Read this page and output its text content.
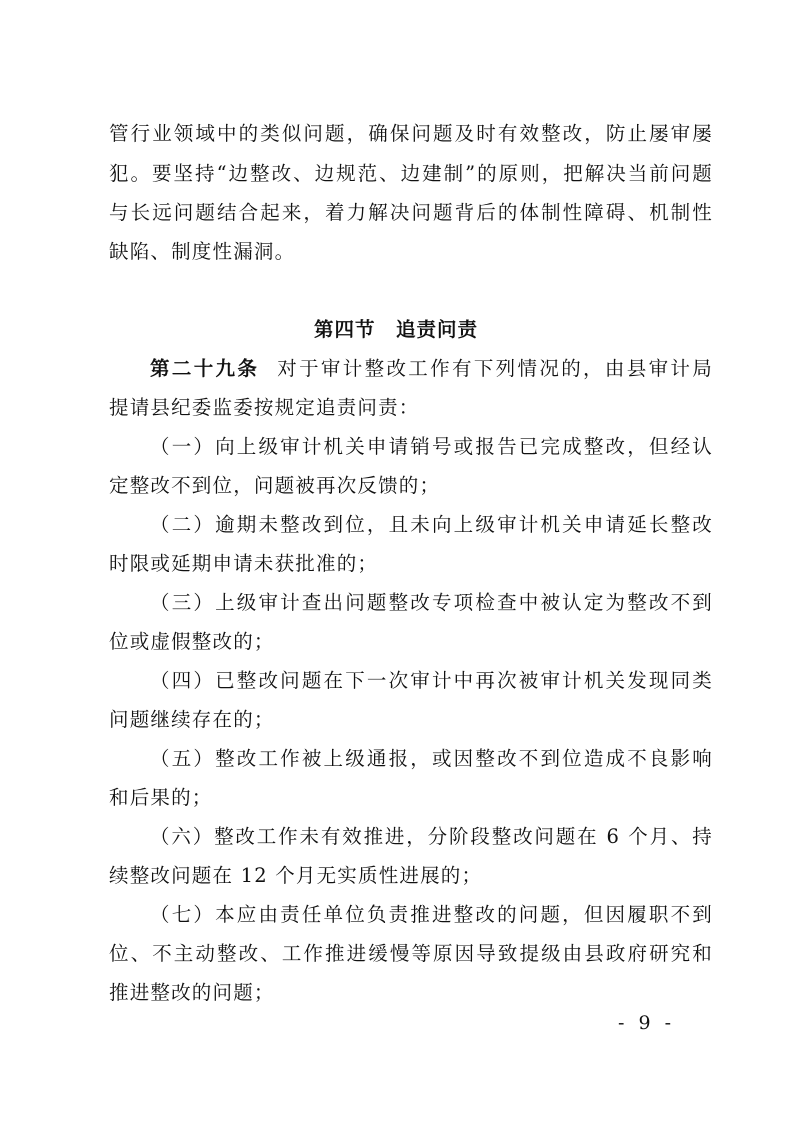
管行业领域中的类似问题，确保问题及时有效整改，防止屡审屡
犯。要坚持“边整改、边规范、边建制”的原则，把解决当前问题
与长远问题结合起来，着力解决问题背后的体制性障碍、机制性
缺陷、制度性漏洞。
第四节　追责问责
第二十九条 对于审计整改工作有下列情况的，由县审计局
提请县纪委监委按规定追责问责：
（一）向上级审计机关申请销号或报告已完成整改，但经认
定整改不到位，问题被再次反馈的；
（二）逾期未整改到位，且未向上级审计机关申请延长整改
时限或延期申请未获批准的；
（三）上级审计查出问题整改专项检查中被认定为整改不到
位或虚假整改的；
（四）已整改问题在下一次审计中再次被审计机关发现同类
问题继续存在的；
（五）整改工作被上级通报，或因整改不到位造成不良影响
和后果的；
（六）整改工作未有效推进，分阶段整改问题在 6 个月、持
续整改问题在 12 个月无实质性进展的；
（七）本应由责任单位负责推进整改的问题，但因履职不到
位、不主动整改、工作推进缓慢等原因导致提级由县政府研究和
推进整改的问题；
- 9 -
